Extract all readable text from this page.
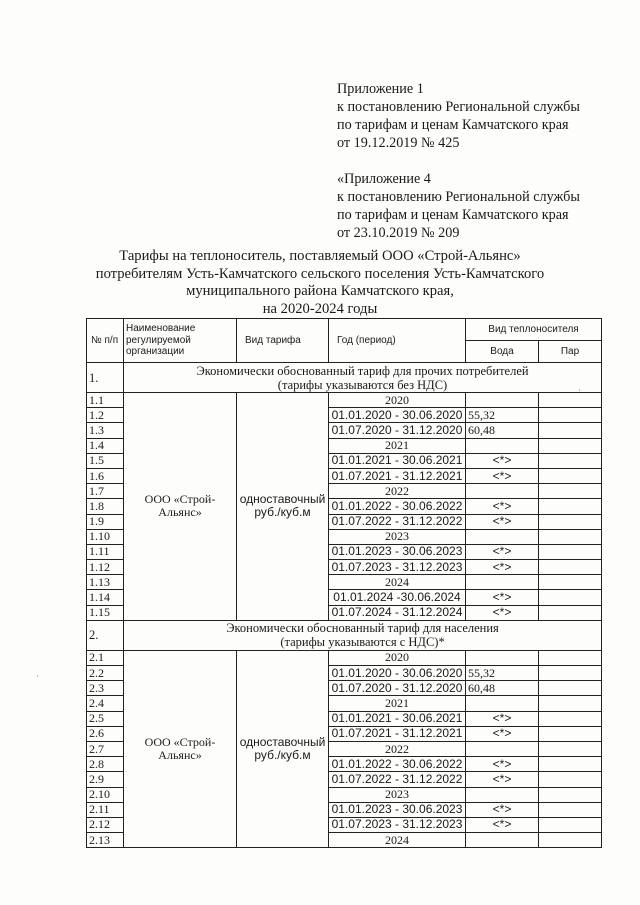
Приложение 1
к постановлению Региональной службы
по тарифам и ценам Камчатского края
от 19.12.2019 № 425
«Приложение 4
к постановлению Региональной службы
по тарифам и ценам Камчатского края
от 23.10.2019 № 209
Тарифы на теплоноситель, поставляемый ООО «Строй-Альянс»
потребителям Усть-Камчатского сельского поселения Усть-Камчатского
муниципального района Камчатского края,
на 2020-2024 годы
№ п/п	Наименование регулируемой организации	Вид тарифа	Год (период)	Вид теплоносителя	
				Вода	Пар
1.	Экономически обоснованный тариф для прочих потребителей
(тарифы указываются без НДС)				

1.1	ООО «Строй-Альянс»	одноставочный руб./куб.м	2020		
1.2			01.01.2020 - 30.06.2020	55,32	
1.3			01.07.2020 - 31.12.2020	60,48	
1.4			2021		
1.5			01.01.2021 - 30.06.2021	<*>	
1.6			01.07.2021 - 31.12.2021	<*>	
1.7			2022		
1.8			01.01.2022 - 30.06.2022	<*>	
1.9			01.07.2022 - 31.12.2022	<*>	
1.10			2023		
1.11			01.01.2023 - 30.06.2023	<*>	
1.12			01.07.2023 - 31.12.2023	<*>	
1.13			2024		
1.14			01.01.2024 -30.06.2024	<*>	
1.15			01.07.2024 - 31.12.2024	<*>	
2.	Экономически обоснованный тариф для населения
(тарифы указываются с НДС)*				

2.1	ООО «Строй-Альянс»	одноставочный руб./куб.м	2020		
2.2			01.01.2020 - 30.06.2020	55,32	
2.3			01.07.2020 - 31.12.2020	60,48	
2.4			2021		
2.5			01.01.2021 - 30.06.2021	<*>	
2.6			01.07.2021 - 31.12.2021	<*>	
2.7			2022		
2.8			01.01.2022 - 30.06.2022	<*>	
2.9			01.07.2022 - 31.12.2022	<*>	
2.10			2023		
2.11			01.01.2023 - 30.06.2023	<*>	
2.12			01.07.2023 - 31.12.2023	<*>	
2.13			2024		
·
·
